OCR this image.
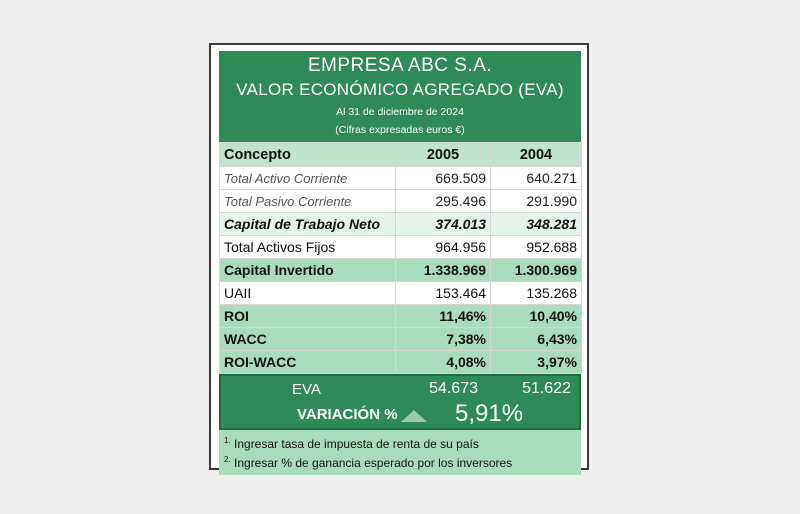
EMPRESA ABC S.A.
VALOR ECONÓMICO AGREGADO (EVA)
Al 31 de diciembre de 2024
(Cifras expresadas euros €)
Concepto	2005	2004
Total Activo Corriente	669.509	640.271
Total Pasivo Corriente	295.496	291.990
Capital de Trabajo Neto	374.013	348.281
Total Activos Fijos	964.956	952.688
Capital Invertido	1.338.969	1.300.969
UAII	153.464	135.268
ROI	11,46%	10,40%
WACC	7,38%	6,43%
ROI-WACC	4,08%	3,97%
EVA	54.673	51.622
VARIACIÓN % 5,91%
$^{1.}$ Ingresar tasa de impuesta de renta de su país
$^{2.}$ Ingresar % de ganancia esperado por los inversores
